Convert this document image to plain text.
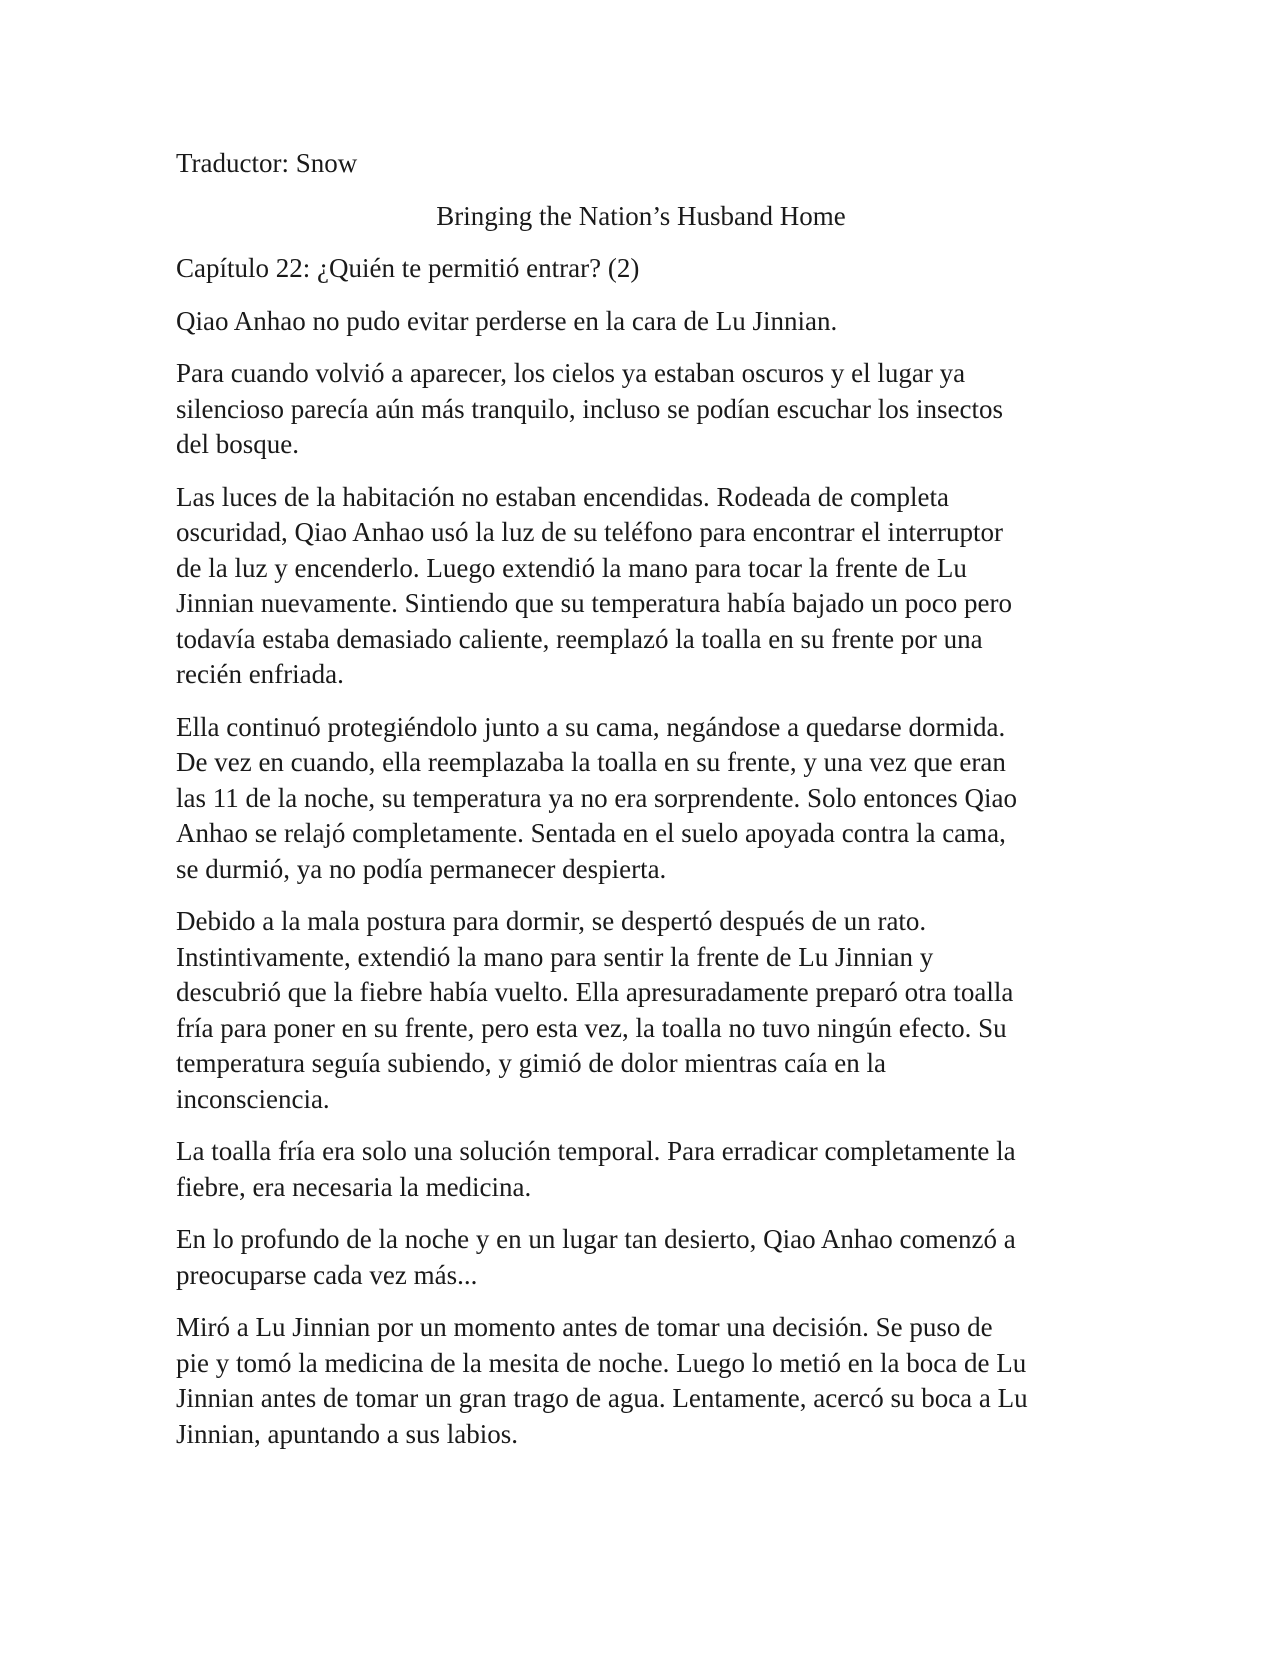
Traductor: Snow
Bringing the Nation’s Husband Home
Capítulo 22: ¿Quién te permitió entrar? (2)
Qiao Anhao no pudo evitar perderse en la cara de Lu Jinnian.
Para cuando volvió a aparecer, los cielos ya estaban oscuros y el lugar ya
silencioso parecía aún más tranquilo, incluso se podían escuchar los insectos
del bosque.
Las luces de la habitación no estaban encendidas. Rodeada de completa
oscuridad, Qiao Anhao usó la luz de su teléfono para encontrar el interruptor
de la luz y encenderlo. Luego extendió la mano para tocar la frente de Lu
Jinnian nuevamente. Sintiendo que su temperatura había bajado un poco pero
todavía estaba demasiado caliente, reemplazó la toalla en su frente por una
recién enfriada.
Ella continuó protegiéndolo junto a su cama, negándose a quedarse dormida.
De vez en cuando, ella reemplazaba la toalla en su frente, y una vez que eran
las 11 de la noche, su temperatura ya no era sorprendente. Solo entonces Qiao
Anhao se relajó completamente. Sentada en el suelo apoyada contra la cama,
se durmió, ya no podía permanecer despierta.
Debido a la mala postura para dormir, se despertó después de un rato.
Instintivamente, extendió la mano para sentir la frente de Lu Jinnian y
descubrió que la fiebre había vuelto. Ella apresuradamente preparó otra toalla
fría para poner en su frente, pero esta vez, la toalla no tuvo ningún efecto. Su
temperatura seguía subiendo, y gimió de dolor mientras caía en la
inconsciencia.
La toalla fría era solo una solución temporal. Para erradicar completamente la
fiebre, era necesaria la medicina.
En lo profundo de la noche y en un lugar tan desierto, Qiao Anhao comenzó a
preocuparse cada vez más...
Miró a Lu Jinnian por un momento antes de tomar una decisión. Se puso de
pie y tomó la medicina de la mesita de noche. Luego lo metió en la boca de Lu
Jinnian antes de tomar un gran trago de agua. Lentamente, acercó su boca a Lu
Jinnian, apuntando a sus labios.
